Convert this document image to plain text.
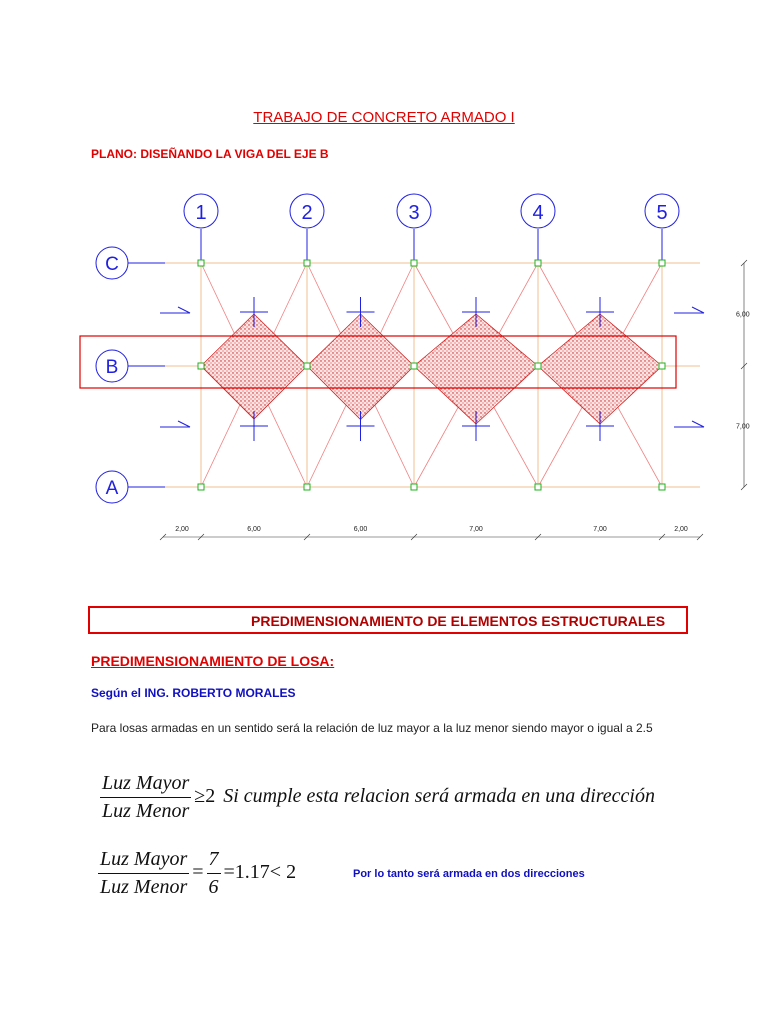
TRABAJO DE CONCRETO ARMADO I
PLANO: DISEÑANDO LA VIGA DEL EJE B
1	2	3	4	5
C
B
A
2,00	6,00	6,00	7,00	7,00	2,00
6,00
7,00
PREDIMENSIONAMIENTO DE ELEMENTOS ESTRUCTURALES
PREDIMENSIONAMIENTO DE LOSA:
Según el ING. ROBERTO MORALES
Para losas armadas en un sentido será la relación de luz mayor a la luz menor siendo mayor o igual a 2.5
$\frac{\text{Luz Mayor}}{\text{Luz Menor}} \ge 2$ Si cumple esta relacion será armada en una dirección
$\frac{\text{Luz Mayor}}{\text{Luz Menor}} = \frac{7}{6} =1.17< 2$	Por lo tanto será armada en dos direcciones
